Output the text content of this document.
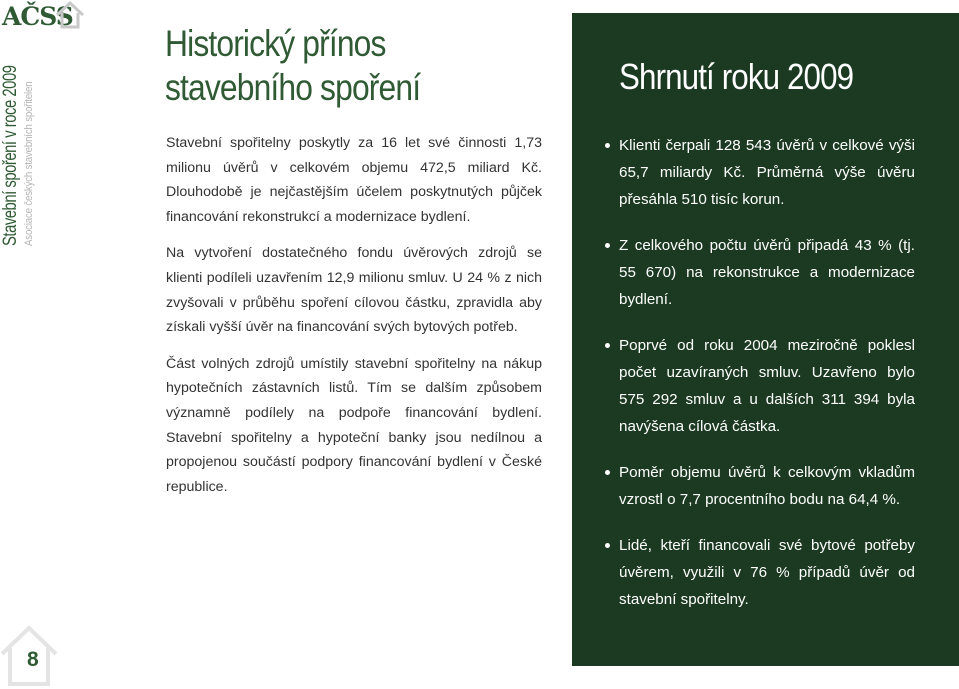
AČSS
Stavební spoření v roce 2009 Asociace českých stavebních spořitelen
8
Historický přínos
stavebního spoření

Stavební spořitelny poskytly za 16 let své činnosti 1,73 milionu úvěrů v celkovém objemu 472,5 miliard Kč. Dlouhodobě je nejčastějším účelem poskytnutých půjček financování rekonstrukcí a modernizace bydlení.

Na vytvoření dostatečného fondu úvěrových zdrojů se klienti podíleli uzavřením 12,9 milionu smluv. U 24 % z nich zvyšovali v průběhu spoření cílovou částku, zpravidla aby získali vyšší úvěr na financování svých bytových potřeb.

Část volných zdrojů umístily stavební spořitelny na nákup hypotečních zástavních listů. Tím se dalším způsobem významně podílely na podpoře financování bydlení. Stavební spořitelny a hypoteční banky jsou nedílnou a propojenou součástí podpory financování bydlení v České republice.

Shrnutí roku 2009
Klienti čerpali 128 543 úvěrů v celkové výši 65,7 miliardy Kč. Průměrná výše úvěru přesáhla 510 tisíc korun.
Z celkového počtu úvěrů připadá 43 % (tj. 55 670) na rekonstrukce a modernizace bydlení.
Poprvé od roku 2004 meziročně poklesl počet uzavíraných smluv. Uzavřeno bylo 575 292 smluv a u dalších 311 394 byla navýšena cílová částka.
Poměr objemu úvěrů k celkovým vkladům vzrostl o 7,7 procentního bodu na 64,4 %.
Lidé, kteří financovali své bytové potřeby úvěrem, využili v 76 % případů úvěr od stavební spořitelny.
